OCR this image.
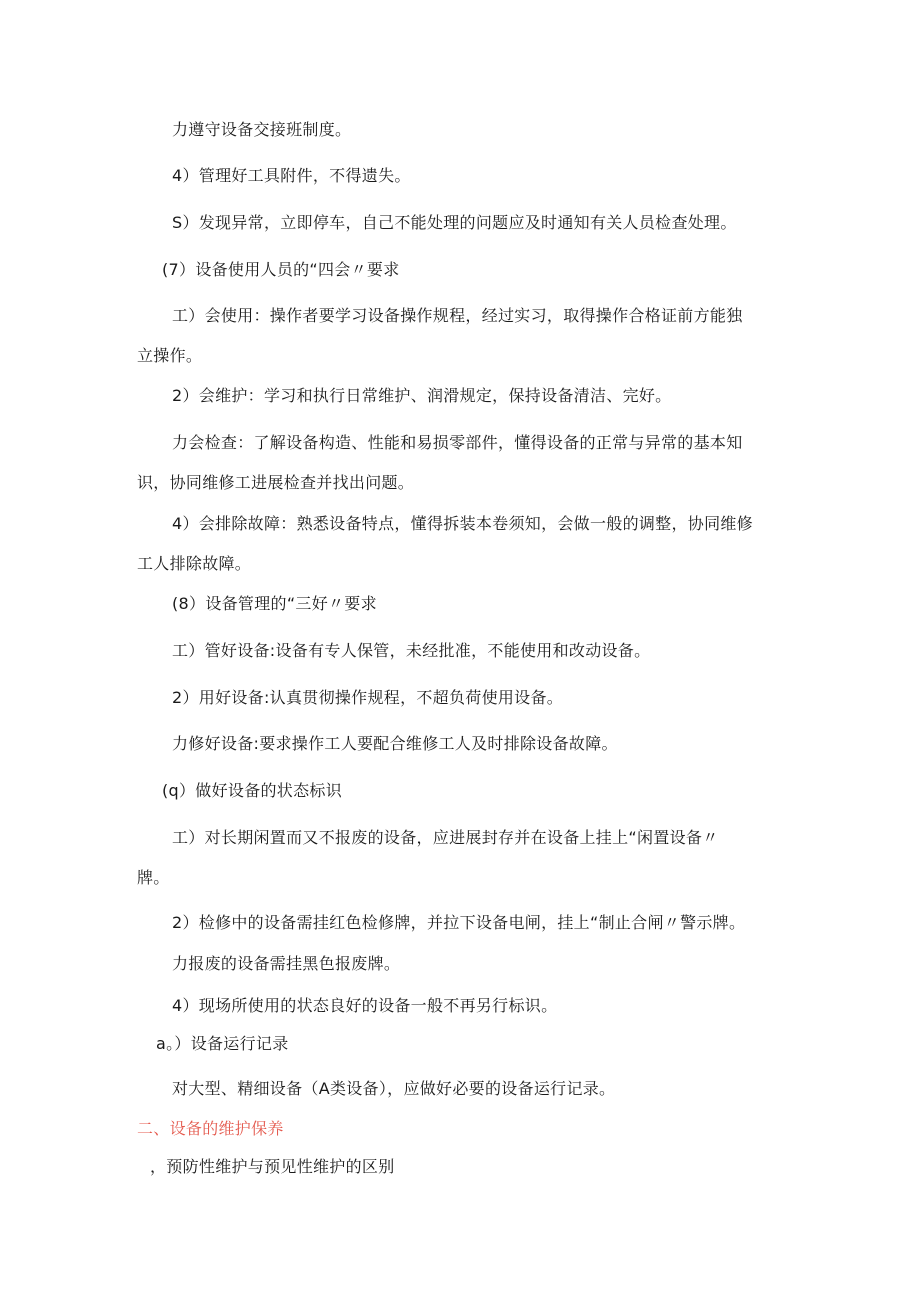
力遵守设备交接班制度。
4）管理好工具附件，不得遗失。
S）发现异常，立即停车，自己不能处理的问题应及时通知有关人员检查处理。
(7）设备使用人员的“四会〃要求
工）会使用：操作者要学习设备操作规程，经过实习，取得操作合格证前方能独
立操作。
2）会维护：学习和执行日常维护、润滑规定，保持设备清洁、完好。
力会检查：了解设备构造、性能和易损零部件，懂得设备的正常与异常的基本知
识，协同维修工进展检查并找出问题。
4）会排除故障：熟悉设备特点，懂得拆装本卷须知，会做一般的调整，协同维修
工人排除故障。
(8）设备管理的“三好〃要求
工）管好设备:设备有专人保管，未经批准，不能使用和改动设备。
2）用好设备:认真贯彻操作规程，不超负荷使用设备。
力修好设备:要求操作工人要配合维修工人及时排除设备故障。
(q）做好设备的状态标识
工）对长期闲置而又不报废的设备，应进展封存并在设备上挂上“闲置设备〃
牌。
2）检修中的设备需挂红色检修牌，并拉下设备电闸，挂上“制止合闸〃警示牌。
力报废的设备需挂黑色报废牌。
4）现场所使用的状态良好的设备一般不再另行标识。
a。）设备运行记录
对大型、精细设备（A类设备），应做好必要的设备运行记录。
二、设备的维护保养
，预防性维护与预见性维护的区别
